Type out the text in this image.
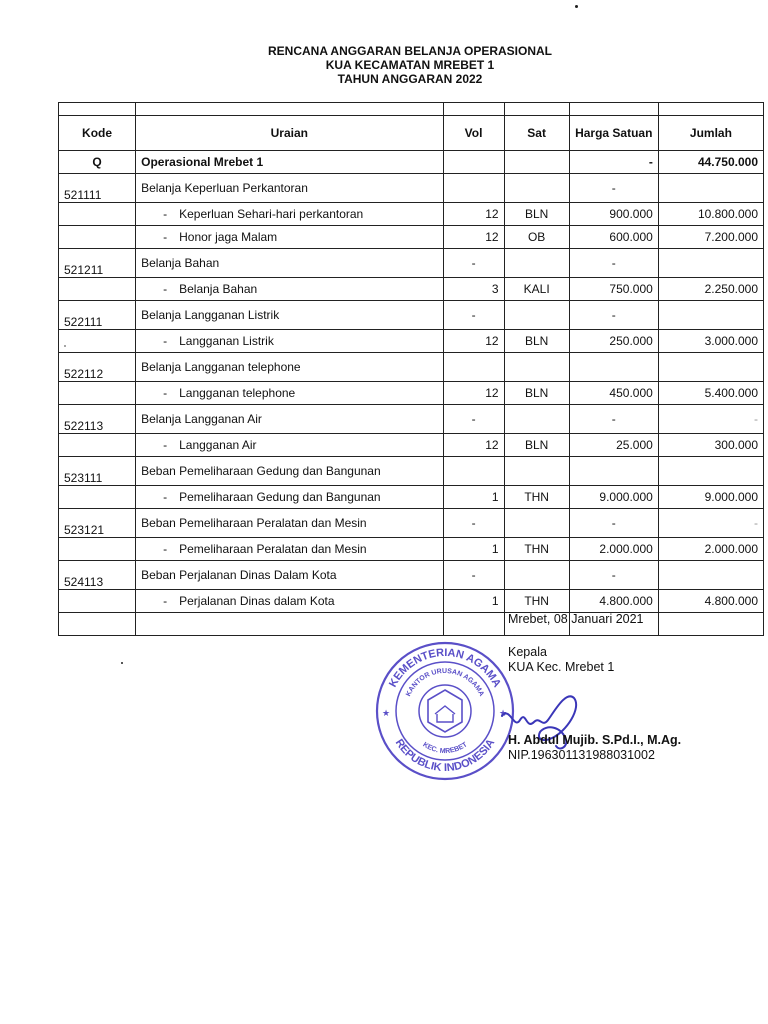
RENCANA ANGGARAN BELANJA OPERASIONAL
KUA KECAMATAN MREBET 1
TAHUN ANGGARAN 2022

Kode	Uraian	Vol	Sat	Harga Satuan	Jumlah
Q	Operasional Mrebet 1			-	44.750.000
521111	Belanja Keperluan Perkantoran			-	
	- Keperluan Sehari-hari perkantoran	12	BLN	900.000	10.800.000
	- Honor jaga Malam	12	OB	600.000	7.200.000
521211	Belanja Bahan	-		-	
	- Belanja Bahan	3	KALI	750.000	2.250.000
522111	Belanja Langganan Listrik	-		-	
	- Langganan Listrik	12	BLN	250.000	3.000.000
522112	Belanja Langganan telephone				
	- Langganan telephone	12	BLN	450.000	5.400.000
522113	Belanja Langganan Air	-		-	-
	- Langganan Air	12	BLN	25.000	300.000
523111	Beban Pemeliharaan Gedung dan Bangunan				
	- Pemeliharaan Gedung dan Bangunan	1	THN	9.000.000	9.000.000
523121	Beban Pemeliharaan Peralatan dan Mesin	-		-	-
	- Pemeliharaan Peralatan dan Mesin	1	THN	2.000.000	2.000.000
524113	Beban Perjalanan Dinas Dalam Kota	-		-	
	- Perjalanan Dinas dalam Kota	1	THN	4.800.000	4.800.000

KEMENTERIAN AGAMA
REPUBLIK INDONESIA
KANTOR URUSAN AGAMA
KEC. MREBET
★	★
Mrebet, 08 Januari 2021
Kepala
KUA Kec. Mrebet 1
H. Abdul Mujib. S.Pd.I., M.Ag.
NIP.196301131988031002
